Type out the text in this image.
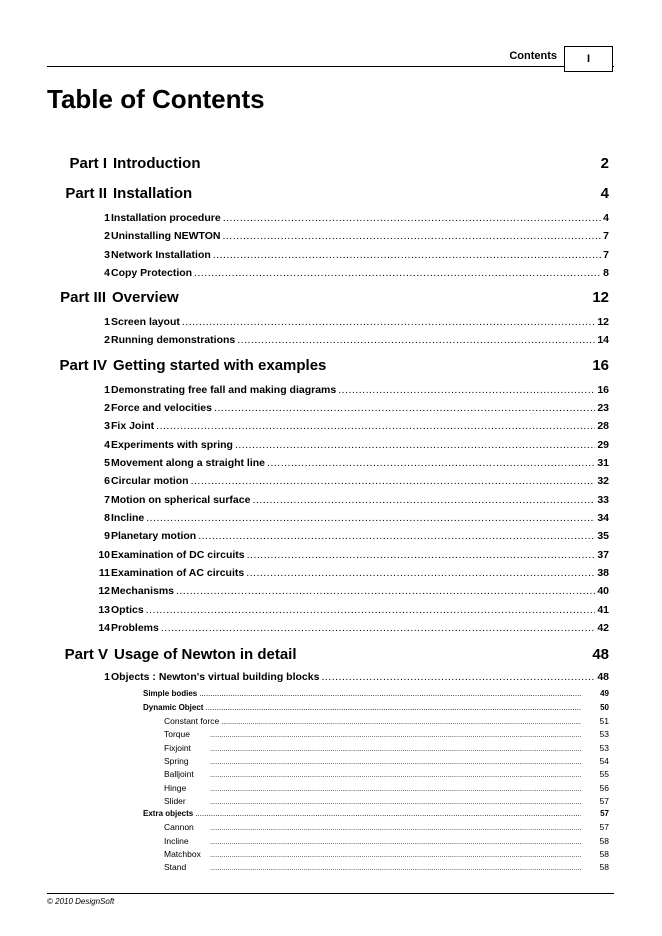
Contents	I
Table of Contents
Part I Introduction	2
Part II Installation	4
1 Installation procedure .....	4
2 Uninstalling NEWTON .....	7
3 Network Installation .....	7
4 Copy Protection .....	8
Part III Overview	12
1 Screen layout .....	12
2 Running demonstrations .....	14
Part IV Getting started with examples	16
1 Demonstrating free fall and making diagrams .....	16
2 Force and velocities .....	23
3 Fix Joint .....	28
4 Experiments with spring .....	29
5 Movement along a straight line .....	31
6 Circular motion .....	32
7 Motion on spherical surface .....	33
8 Incline .....	34
9 Planetary motion .....	35
10 Examination of DC circuits .....	37
11 Examination of AC circuits .....	38
12 Mechanisms .....	40
13 Optics .....	41
14 Problems .....	42
Part V Usage of Newton in detail	48
1 Objects : Newton's virtual building blocks .....	48
Simple bodies .....	49
Dynamic Object .....	50
Constant force .....	51
Torque .....	53
Fixjoint .....	53
Spring .....	54
Balljoint .....	55
Hinge .....	56
Slider .....	57
Extra objects .....	57
Cannon .....	57
Incline .....	58
Matchbox .....	58
Stand .....	58
© 2010 DesignSoft
